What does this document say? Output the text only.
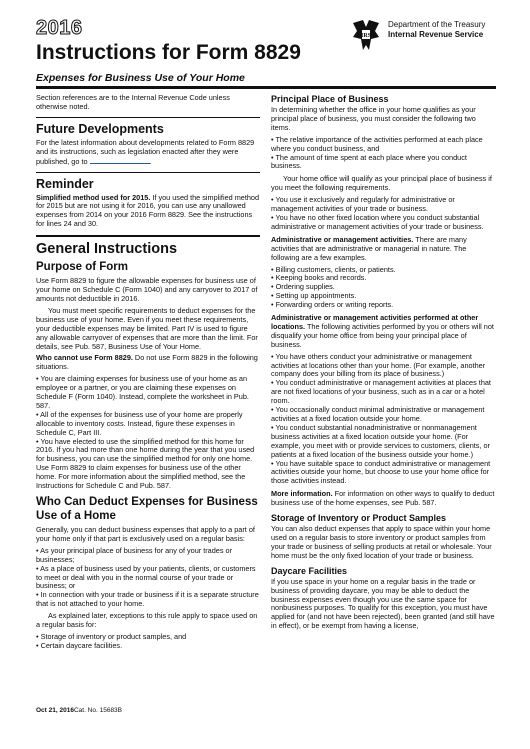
2016
Instructions for Form 8829
Expenses for Business Use of Your Home
IRS
Department of the Treasury
Internal Revenue Service

Section references are to the Internal Revenue Code unless otherwise noted.

Future Developments

For the latest information about developments related to Form 8829 and its instructions, such as legislation enacted after they were published, go to	.

Reminder

Simplified method used for 2015. If you used the simplified method for 2015 but are not using it for 2016, you can use any unallowed expenses from 2014 on your 2016 Form 8829. See the instructions for lines 24 and 30.

General Instructions
Purpose of Form

Use Form 8829 to figure the allowable expenses for business use of your home on Schedule C (Form 1040) and any carryover to 2017 of amounts not deductible in 2016.

You must meet specific requirements to deduct expenses for the business use of your home. Even if you meet these requirements, your deductible expenses may be limited. Part IV is used to figure any allowable carryover of expenses that are more than the limit. For details, see Pub. 587, Business Use of Your Home.

Who cannot use Form 8829. Do not use Form 8829 in the following situations.

• You are claiming expenses for business use of your home as an employee or a partner, or you are claiming these expenses on Schedule F (Form 1040). Instead, complete the worksheet in Pub. 587.

• All of the expenses for business use of your home are properly allocable to inventory costs. Instead, figure these expenses in Schedule C, Part III.

• You have elected to use the simplified method for this home for 2016. If you had more than one home during the year that you used for business, you can use the simplified method for only one home. Use Form 8829 to claim expenses for business use of the other home. For more information about the simplified method, see the Instructions for Schedule C and Pub. 587.

Who Can Deduct Expenses for Business Use of a Home

Generally, you can deduct business expenses that apply to a part of your home only if that part is exclusively used on a regular basis:

• As your principal place of business for any of your trades or businesses;

• As a place of business used by your patients, clients, or customers to meet or deal with you in the normal course of your trade or business; or

• In connection with your trade or business if it is a separate structure that is not attached to your home.

As explained later, exceptions to this rule apply to space used on a regular basis for:

• Storage of inventory or product samples, and

• Certain daycare facilities.

Principal Place of Business

In determining whether the office in your home qualifies as your principal place of business, you must consider the following two items.

• The relative importance of the activities performed at each place where you conduct business, and

• The amount of time spent at each place where you conduct business.

Your home office will qualify as your principal place of business if you meet the following requirements.

• You use it exclusively and regularly for administrative or management activities of your trade or business.

• You have no other fixed location where you conduct substantial administrative or management activities of your trade or business.

Administrative or management activities. There are many activities that are administrative or managerial in nature. The following are a few examples.

• Billing customers, clients, or patients.

• Keeping books and records.

• Ordering supplies.

• Setting up appointments.

• Forwarding orders or writing reports.

Administrative or management activities performed at other locations. The following activities performed by you or others will not disqualify your home office from being your principal place of business.

• You have others conduct your administrative or management activities at locations other than your home. (For example, another company does your billing from its place of business.)

• You conduct administrative or management activities at places that are not fixed locations of your business, such as in a car or a hotel room.

• You occasionally conduct minimal administrative or management activities at a fixed location outside your home.

• You conduct substantial nonadministrative or nonmanagement business activities at a fixed location outside your home. (For example, you meet with or provide services to customers, clients, or patients at a fixed location of the business outside your home.)

• You have suitable space to conduct administrative or management activities outside your home, but choose to use your home office for those activities instead.

More information. For information on other ways to qualify to deduct business use of the home expenses, see Pub. 587.

Storage of Inventory or Product Samples

You can also deduct expenses that apply to space within your home used on a regular basis to store inventory or product samples from your trade or business of selling products at retail or wholesale. Your home must be the only fixed location of your trade or business.

Daycare Facilities

If you use space in your home on a regular basis in the trade or business of providing daycare, you may be able to deduct the business expenses even though you use the same space for nonbusiness purposes. To qualify for this exception, you must have applied for (and not have been rejected), been granted (and still have in effect), or be exempt from having a license,

Oct 21, 2016Cat. No. 15683B
